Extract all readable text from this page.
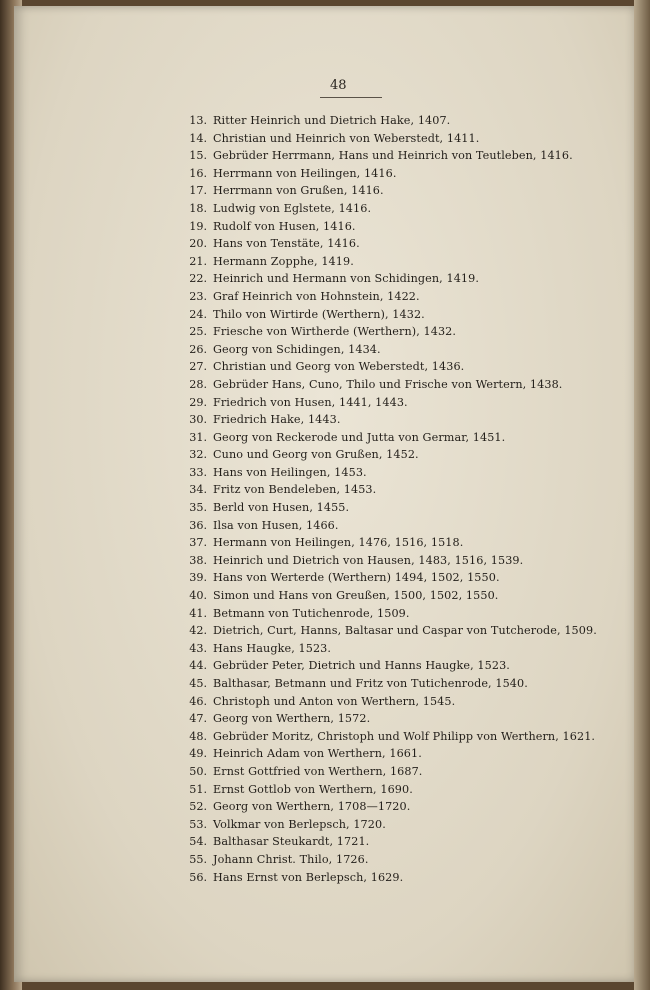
48
13. Ritter Heinrich und Dietrich Hake, 1407.
14. Christian und Heinrich von Weberstedt, 1411.
15. Gebrüder Herrmann, Hans und Heinrich von Teutleben, 1416.
16. Herrmann von Heilingen, 1416.
17. Herrmann von Grußen, 1416.
18. Ludwig von Eglstete, 1416.
19. Rudolf von Husen, 1416.
20. Hans von Tenstäte, 1416.
21. Hermann Zopphe, 1419.
22. Heinrich und Hermann von Schidingen, 1419.
23. Graf Heinrich von Hohnstein, 1422.
24. Thilo von Wirtirde (Werthern), 1432.
25. Friesche von Wirtherde (Werthern), 1432.
26. Georg von Schidingen, 1434.
27. Christian und Georg von Weberstedt, 1436.
28. Gebrüder Hans, Cuno, Thilo und Frische von Wertern, 1438.
29. Friedrich von Husen, 1441, 1443.
30. Friedrich Hake, 1443.
31. Georg von Reckerode und Jutta von Germar, 1451.
32. Cuno und Georg von Grußen, 1452.
33. Hans von Heilingen, 1453.
34. Fritz von Bendeleben, 1453.
35. Berld von Husen, 1455.
36. Ilsa von Husen, 1466.
37. Hermann von Heilingen, 1476, 1516, 1518.
38. Heinrich und Dietrich von Hausen, 1483, 1516, 1539.
39. Hans von Werterde (Werthern) 1494, 1502, 1550.
40. Simon und Hans von Greußen, 1500, 1502, 1550.
41. Betmann von Tutichenrode, 1509.
42. Dietrich, Curt, Hanns, Baltasar und Caspar von Tutcherode, 1509.
43. Hans Haugke, 1523.
44. Gebrüder Peter, Dietrich und Hanns Haugke, 1523.
45. Balthasar, Betmann und Fritz von Tutichenrode, 1540.
46. Christoph und Anton von Werthern, 1545.
47. Georg von Werthern, 1572.
48. Gebrüder Moritz, Christoph und Wolf Philipp von Werthern, 1621.
49. Heinrich Adam von Werthern, 1661.
50. Ernst Gottfried von Werthern, 1687.
51. Ernst Gottlob von Werthern, 1690.
52. Georg von Werthern, 1708—1720.
53. Volkmar von Berlepsch, 1720.
54. Balthasar Steukardt, 1721.
55. Johann Christ. Thilo, 1726.
56. Hans Ernst von Berlepsch, 1629.
